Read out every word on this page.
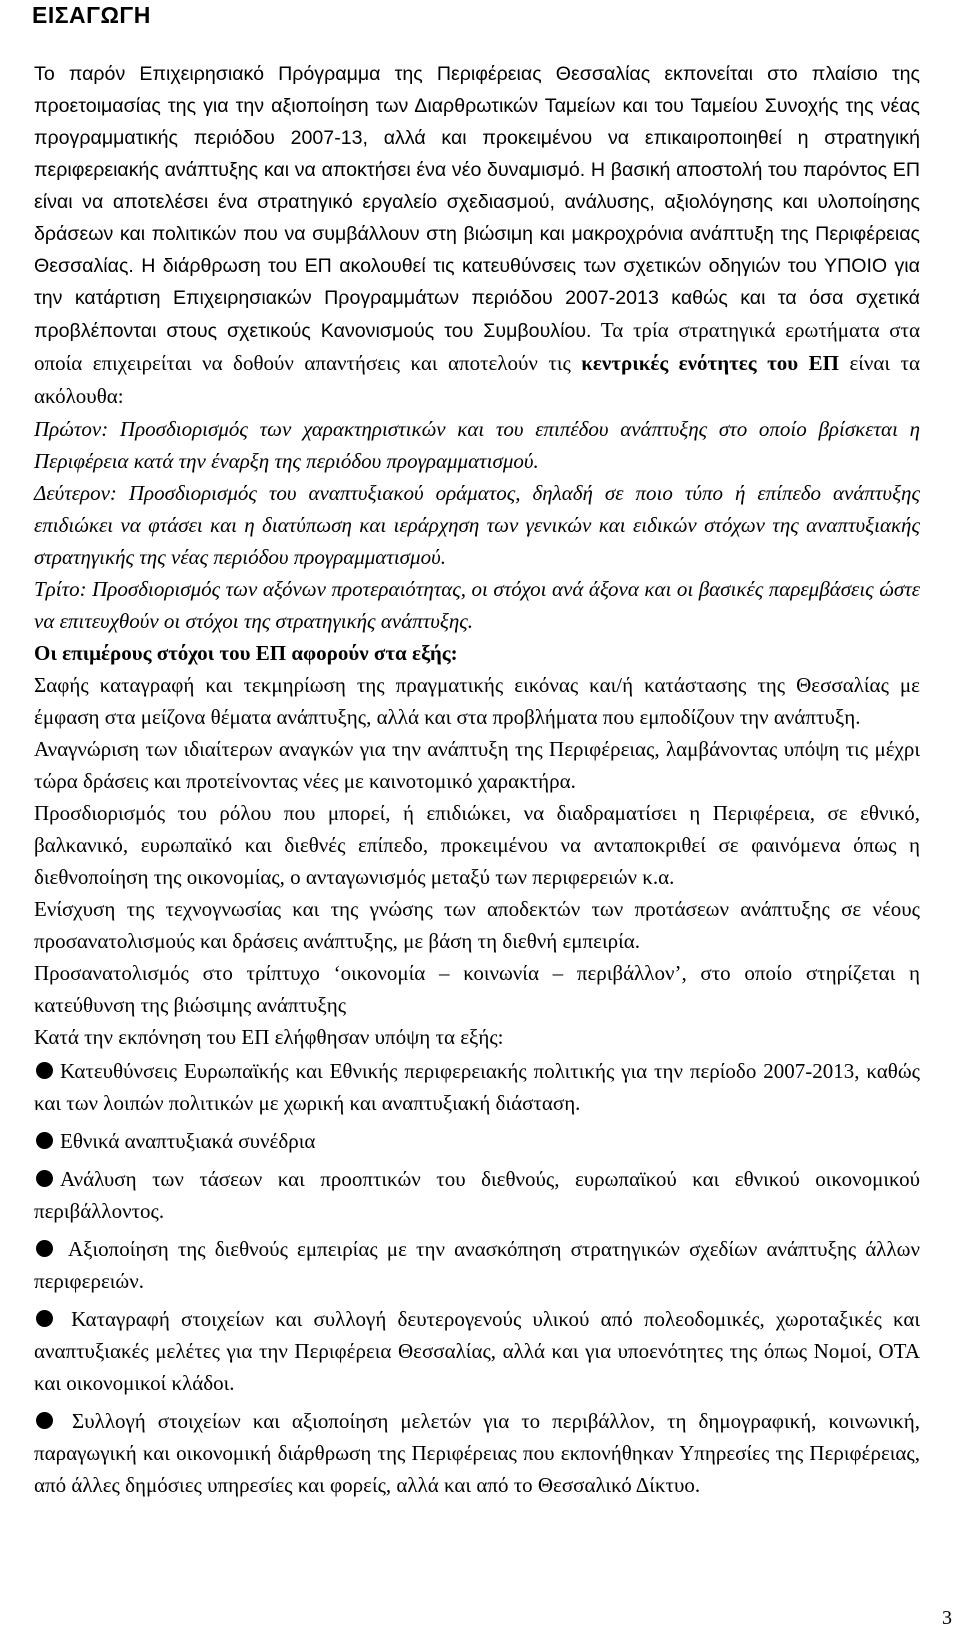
ΕΙΣΑΓΩΓΗ

Το παρόν Επιχειρησιακό Πρόγραμμα της Περιφέρειας Θεσσαλίας εκπονείται στο πλαίσιο της προετοιμασίας της για την αξιοποίηση των Διαρθρωτικών Ταμείων και του Ταμείου Συνοχής της νέας προγραμματικής περιόδου 2007-13, αλλά και προκειμένου να επικαιροποιηθεί η στρατηγική περιφερειακής ανάπτυξης και να αποκτήσει ένα νέο δυναμισμό. Η βασική αποστολή του παρόντος ΕΠ είναι να αποτελέσει ένα στρατηγικό εργαλείο σχεδιασμού, ανάλυσης, αξιολόγησης και υλοποίησης δράσεων και πολιτικών που να συμβάλλουν στη βιώσιμη και μακροχρόνια ανάπτυξη της Περιφέρειας Θεσσαλίας. Η διάρθρωση του ΕΠ ακολουθεί τις κατευθύνσεις των σχετικών οδηγιών του ΥΠΟΙΟ για την κατάρτιση Επιχειρησιακών Προγραμμάτων περιόδου 2007-2013 καθώς και τα όσα σχετικά προβλέπονται στους σχετικούς Κανονισμούς του Συμβουλίου. Τα τρία στρατηγικά ερωτήματα στα οποία επιχειρείται να δοθούν απαντήσεις και αποτελούν τις κεντρικές ενότητες του ΕΠ είναι τα ακόλουθα:

Πρώτον: Προσδιορισμός των χαρακτηριστικών και του επιπέδου ανάπτυξης στο οποίο βρίσκεται η Περιφέρεια κατά την έναρξη της περιόδου προγραμματισμού.

Δεύτερον: Προσδιορισμός του αναπτυξιακού οράματος, δηλαδή σε ποιο τύπο ή επίπεδο ανάπτυξης επιδιώκει να φτάσει και η διατύπωση και ιεράρχηση των γενικών και ειδικών στόχων της αναπτυξιακής στρατηγικής της νέας περιόδου προγραμματισμού.

Τρίτο: Προσδιορισμός των αξόνων προτεραιότητας, οι στόχοι ανά άξονα και οι βασικές παρεμβάσεις ώστε να επιτευχθούν οι στόχοι της στρατηγικής ανάπτυξης.

Οι επιμέρους στόχοι του ΕΠ αφορούν στα εξής:

Σαφής καταγραφή και τεκμηρίωση της πραγματικής εικόνας και/ή κατάστασης της Θεσσαλίας με έμφαση στα μείζονα θέματα ανάπτυξης, αλλά και στα προβλήματα που εμποδίζουν την ανάπτυξη.

Αναγνώριση των ιδιαίτερων αναγκών για την ανάπτυξη της Περιφέρειας, λαμβάνοντας υπόψη τις μέχρι τώρα δράσεις και προτείνοντας νέες με καινοτομικό χαρακτήρα.

Προσδιορισμός του ρόλου που μπορεί, ή επιδιώκει, να διαδραματίσει η Περιφέρεια, σε εθνικό, βαλκανικό, ευρωπαϊκό και διεθνές επίπεδο, προκειμένου να ανταποκριθεί σε φαινόμενα όπως η διεθνοποίηση της οικονομίας, ο ανταγωνισμός μεταξύ των περιφερειών κ.α.

Ενίσχυση της τεχνογνωσίας και της γνώσης των αποδεκτών των προτάσεων ανάπτυξης σε νέους προσανατολισμούς και δράσεις ανάπτυξης, με βάση τη διεθνή εμπειρία.

Προσανατολισμός στο τρίπτυχο ‘οικονομία – κοινωνία – περιβάλλον’, στο οποίο στηρίζεται η κατεύθυνση της βιώσιμης ανάπτυξης

Κατά την εκπόνηση του ΕΠ ελήφθησαν υπόψη τα εξής:

Κατευθύνσεις Ευρωπαϊκής και Εθνικής περιφερειακής πολιτικής για την περίοδο 2007-2013, καθώς και των λοιπών πολιτικών με χωρική και αναπτυξιακή διάσταση.

Εθνικά αναπτυξιακά συνέδρια

Ανάλυση των τάσεων και προοπτικών του διεθνούς, ευρωπαϊκού και εθνικού οικονομικού περιβάλλοντος.

Αξιοποίηση της διεθνούς εμπειρίας με την ανασκόπηση στρατηγικών σχεδίων ανάπτυξης άλλων περιφερειών.

Καταγραφή στοιχείων και συλλογή δευτερογενούς υλικού από πολεοδομικές, χωροταξικές και αναπτυξιακές μελέτες για την Περιφέρεια Θεσσαλίας, αλλά και για υποενότητες της όπως Νομοί, ΟΤΑ και οικονομικοί κλάδοι.

Συλλογή στοιχείων και αξιοποίηση μελετών για το περιβάλλον, τη δημογραφική, κοινωνική, παραγωγική και οικονομική διάρθρωση της Περιφέρειας που εκπονήθηκαν Υπηρεσίες της Περιφέρειας, από άλλες δημόσιες υπηρεσίες και φορείς, αλλά και από το Θεσσαλικό Δίκτυο.

3
